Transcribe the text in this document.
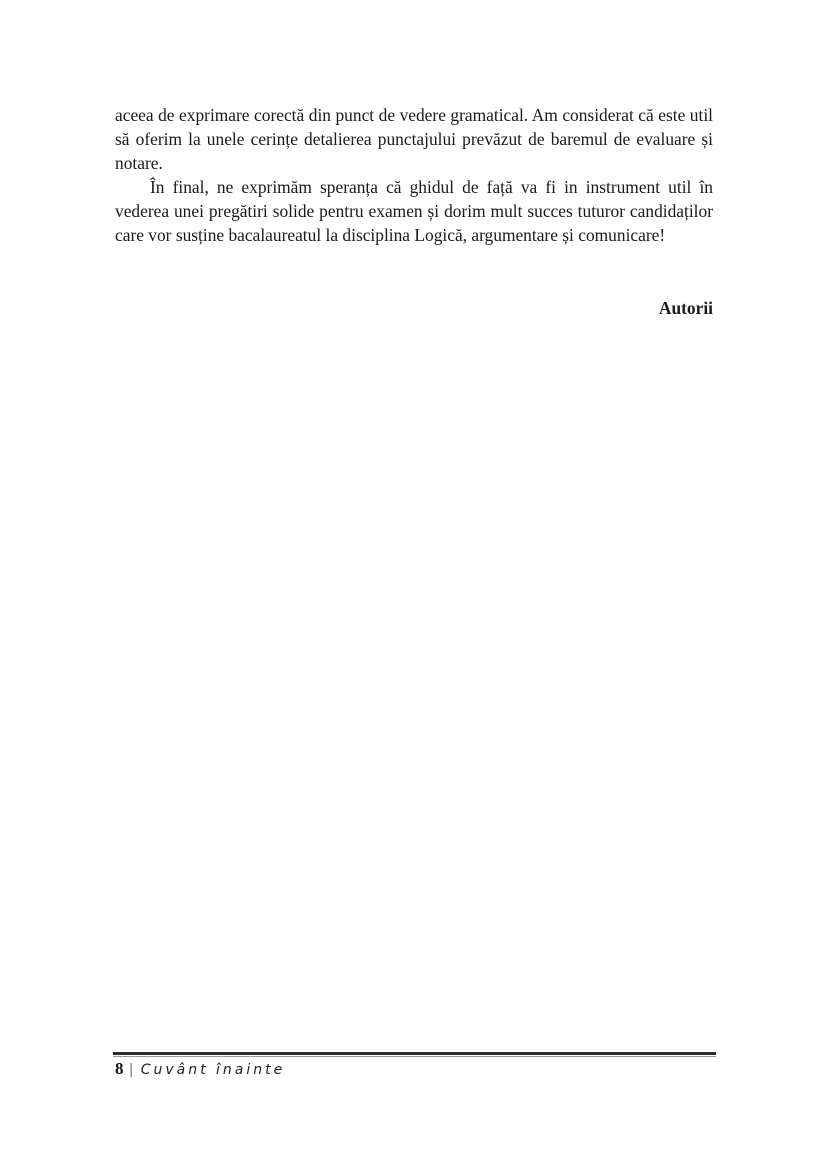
aceea de exprimare corectă din punct de vedere gramatical. Am considerat că este util să oferim la unele cerințe detalierea punctajului prevăzut de baremul de evaluare și notare.

În final, ne exprimăm speranța că ghidul de față va fi in instrument util în vederea unei pregătiri solide pentru examen și dorim mult succes tuturor candidaților care vor susține bacalaureatul la disciplina Logică, argumentare și comunicare!

Autorii
8 | Cuvânt înainte
